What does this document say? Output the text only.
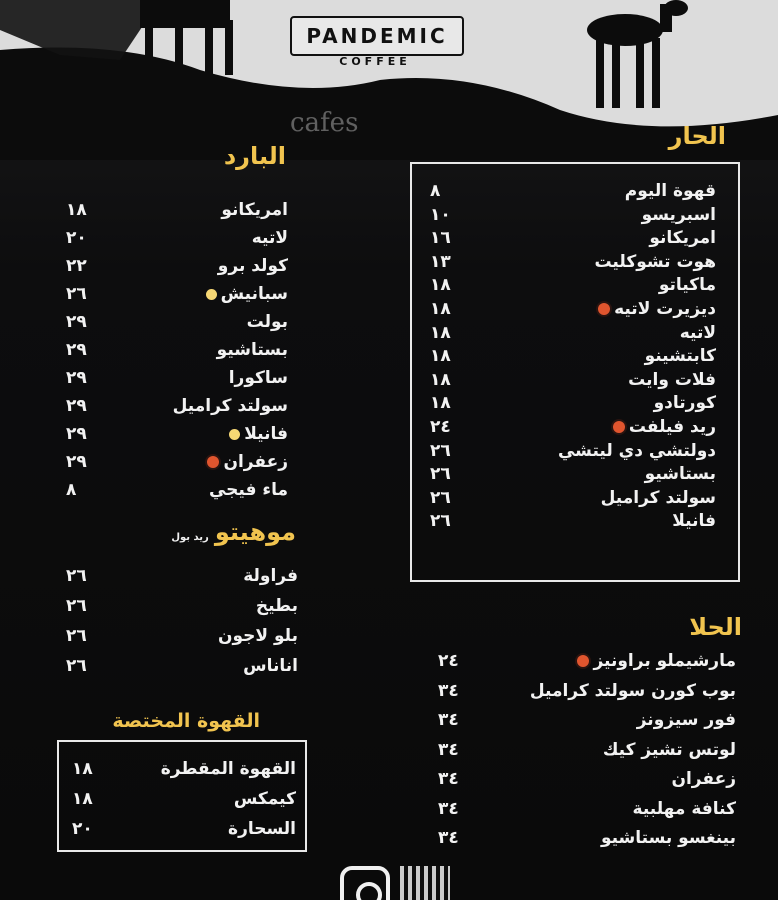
PANDEMIC
COFFEE
cafes	الحار
قهوة اليوم
٨
اسبريسو
١٠
امريكانو
١٦
هوت تشوكليت
١٣
ماكياتو
١٨
ديزيرت لاتيه
١٨
لاتيه
١٨
كابتشينو
١٨
فلات وايت
١٨
كورتادو
١٨
ريد فيلفت
٢٤
دولتشي دي ليتشي
٢٦
بستاشيو
٢٦
سولتد كراميل
٢٦
فانيلا
٢٦
البارد
امريكانو
١٨
لاتيه
٢٠
كولد برو
٢٢
سبانيش
٢٦
بولت
٢٩
بستاشيو
٢٩
ساكورا
٢٩
سولتد كراميل
٢٩
فانيلا
٢٩
زعفران
٢٩
ماء فيجي
٨
موهيتو
ريد بول
فراولة
٢٦
بطيخ
٢٦
بلو لاجون
٢٦
اناناس
٢٦
الحلا
مارشيملو براونيز
٢٤
بوب كورن سولتد كراميل
٣٤
فور سيزونز
٣٤
لوتس تشيز كيك
٣٤
زعفران
٣٤
كنافة مهلبية
٣٤
بينغسو بستاشيو
٣٤
القهوة المختصة
القهوة المقطرة
١٨
كيمكس
١٨
السحارة
٢٠
